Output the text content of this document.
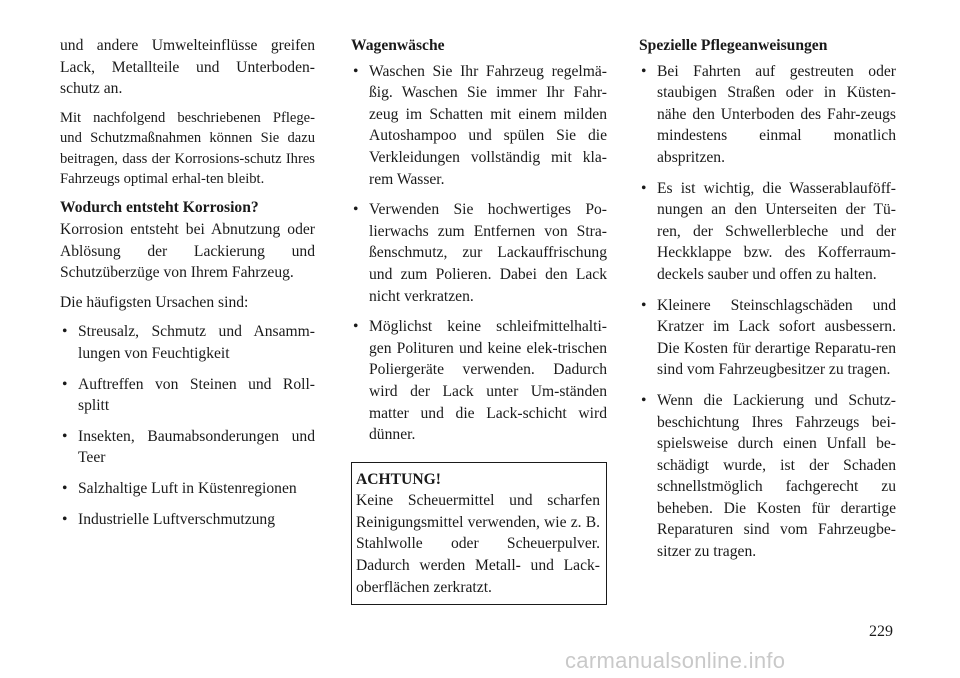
und andere Umwelteinflüsse greifen Lack, Metallteile und Unterboden-schutz an.

Mit nachfolgend beschriebenen Pflege- und Schutzmaßnahmen können Sie dazu beitragen, dass der Korrosions-schutz Ihres Fahrzeugs optimal erhal-ten bleibt.

Wodurch entsteht Korrosion?

Korrosion entsteht bei Abnutzung oder Ablösung der Lackierung und Schutzüberzüge von Ihrem Fahrzeug.

Die häufigsten Ursachen sind:

• Streusalz, Schmutz und Ansamm-lungen von Feuchtigkeit
• Auftreffen von Steinen und Roll-splitt
• Insekten, Baumabsonderungen und Teer
• Salzhaltige Luft in Küstenregionen
• Industrielle Luftverschmutzung

Wagenwäsche

• Waschen Sie Ihr Fahrzeug regelmä-ßig. Waschen Sie immer Ihr Fahr-zeug im Schatten mit einem milden Autoshampoo und spülen Sie die Verkleidungen vollständig mit kla-rem Wasser.
• Verwenden Sie hochwertiges Po-lierwachs zum Entfernen von Stra-ßenschmutz, zur Lackauffrischung und zum Polieren. Dabei den Lack nicht verkratzen.
• Möglichst keine schleifmittelhalti-gen Polituren und keine elek-trischen Poliergeräte verwenden. Dadurch wird der Lack unter Um-ständen matter und die Lack-schicht wird dünner.

ACHTUNG!

Keine Scheuermittel und scharfen Reinigungsmittel verwenden, wie z. B. Stahlwolle oder Scheuerpulver. Dadurch werden Metall- und Lack-oberflächen zerkratzt.

Spezielle Pflegeanweisungen

• Bei Fahrten auf gestreuten oder staubigen Straßen oder in Küsten-nähe den Unterboden des Fahr-zeugs mindestens einmal monatlich abspritzen.
• Es ist wichtig, die Wasserablauföff-nungen an den Unterseiten der Tü-ren, der Schwellerbleche und der Heckklappe bzw. des Kofferraum-deckels sauber und offen zu halten.
• Kleinere Steinschlagschäden und Kratzer im Lack sofort ausbessern. Die Kosten für derartige Reparatu-ren sind vom Fahrzeugbesitzer zu tragen.
• Wenn die Lackierung und Schutz-beschichtung Ihres Fahrzeugs bei-spielsweise durch einen Unfall be-schädigt wurde, ist der Schaden schnellstmöglich fachgerecht zu beheben. Die Kosten für derartige Reparaturen sind vom Fahrzeugbe-sitzer zu tragen.
229
carmanualsonline.info
